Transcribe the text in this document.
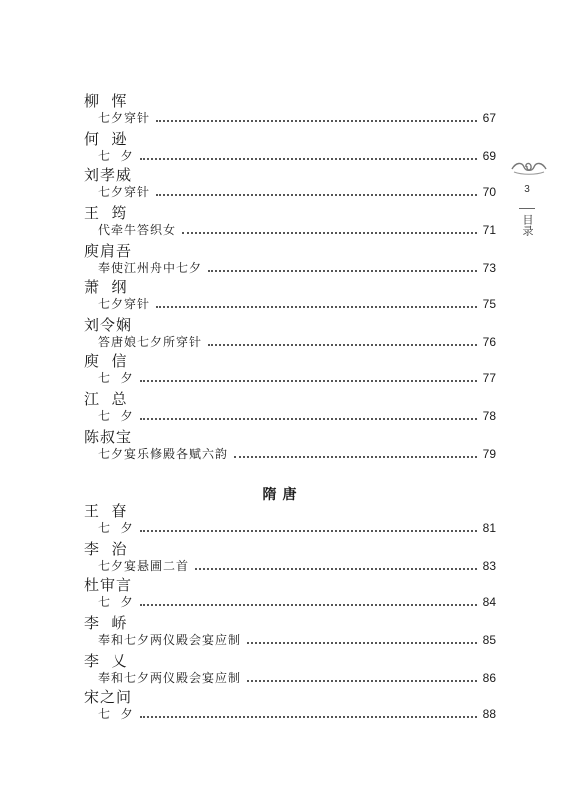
柳  恽
七夕穿针	67
何  逊
七  夕	69
刘孝威
七夕穿针	70
王  筠
代牵牛答织女	71
庾肩吾
奉使江州舟中七夕	73
萧  纲
七夕穿针	75
刘令娴
答唐娘七夕所穿针	76
庾  信
七  夕	77
江  总
七  夕	78
陈叔宝
七夕宴乐修殿各赋六韵	79
隋唐
王  眘
七  夕	81
李  治
七夕宴悬圃二首	83
杜审言
七  夕	84
李  峤
奉和七夕两仪殿会宴应制	85
李  乂
奉和七夕两仪殿会宴应制	86
宋之问
七  夕	88
3
目录
